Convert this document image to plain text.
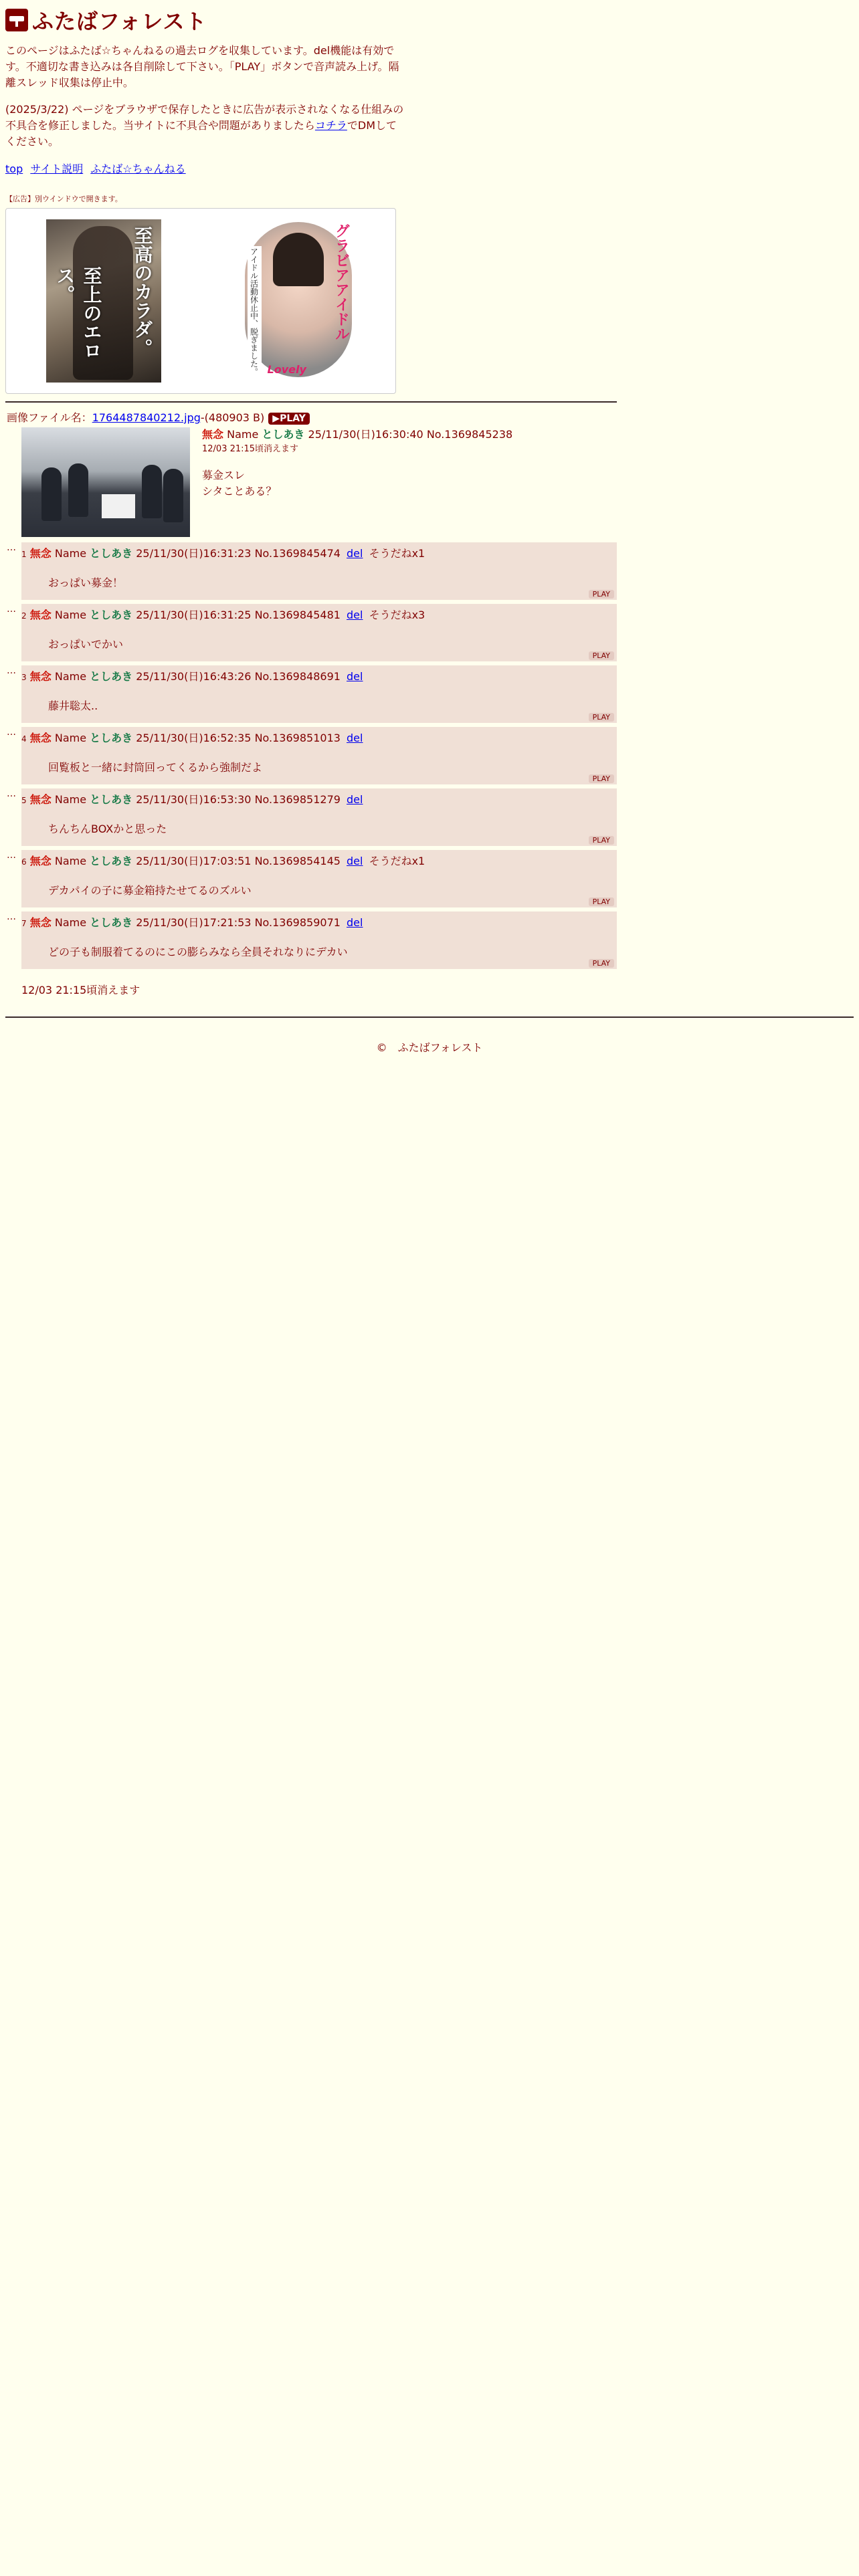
ふたばフォレスト

このページはふたば☆ちゃんねるの過去ログを収集しています。del機能は有効です。不適切な書き込みは各自削除して下さい。「PLAY」ボタンで音声読み上げ。隔離スレッド収集は停止中。

(2025/3/22) ページをブラウザで保存したときに広告が表示されなくなる仕組みの不具合を修正しました。当サイトに不具合や問題がありましたらコチラでDMしてください。

top サイト説明 ふたば☆ちゃんねる
【広告】別ウインドウで開きます。
至高のカラダ。
至上のエロス。	グラビアアイドル
アイドル活動休止中、脱ぎました。 Lovely
画像ファイル名：1764487840212.jpg-(480903 B) ▶PLAY
無念 Name としあき 25/11/30(日)16:30:40 No.1369845238
12/03 21:15頃消えます
募金スレ
シタことある？
…
1 無念 Name としあき 25/11/30(日)16:31:23 No.1369845474 del そうだねx1
おっぱい募金！
PLAY
…
2 無念 Name としあき 25/11/30(日)16:31:25 No.1369845481 del そうだねx3
おっぱいでかい
PLAY
…
3 無念 Name としあき 25/11/30(日)16:43:26 No.1369848691 del
藤井聡太..
PLAY
…
4 無念 Name としあき 25/11/30(日)16:52:35 No.1369851013 del
回覧板と一緒に封筒回ってくるから強制だよ
PLAY
…
5 無念 Name としあき 25/11/30(日)16:53:30 No.1369851279 del
ちんちんBOXかと思った
PLAY
…
6 無念 Name としあき 25/11/30(日)17:03:51 No.1369854145 del そうだねx1
デカパイの子に募金箱持たせてるのズルい
PLAY
…
7 無念 Name としあき 25/11/30(日)17:21:53 No.1369859071 del
どの子も制服着てるのにこの膨らみなら全員それなりにデカい
PLAY
12/03 21:15頃消えます
©　ふたばフォレスト
